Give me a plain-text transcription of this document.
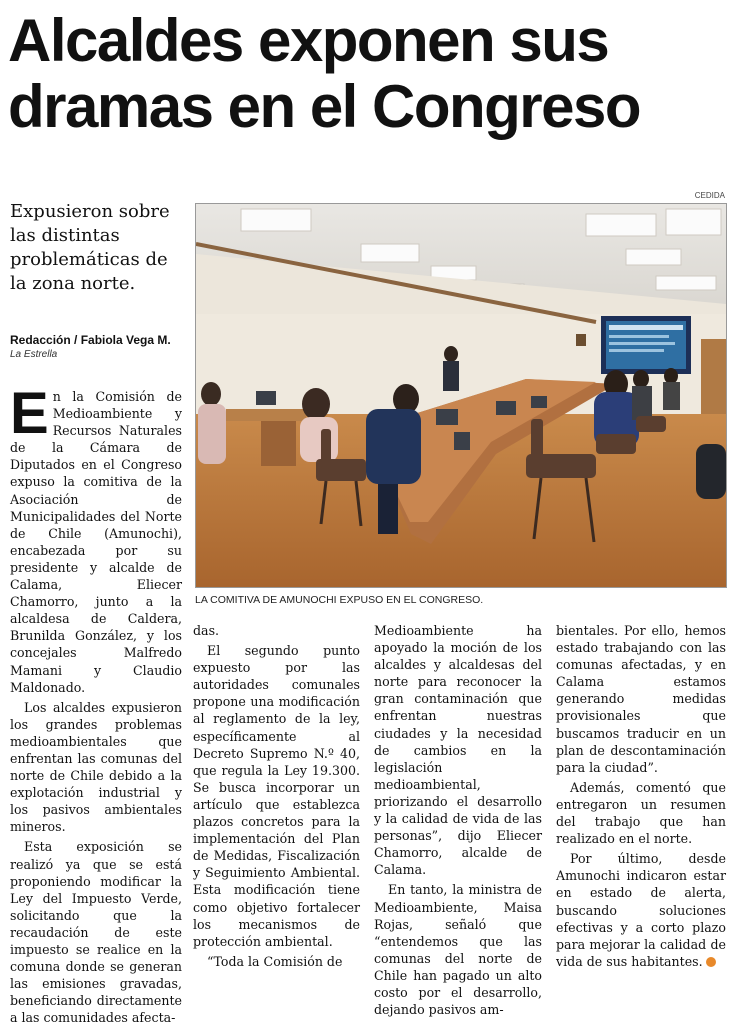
Alcaldes exponen sus dramas en el Congreso
CEDIDA
Expusieron sobre las distintas problemáticas de la zona norte.
Redacción / Fabiola Vega M.
La Estrella
LA COMITIVA DE AMUNOCHI EXPUSO EN EL CONGRESO.

En la Comisión de Medioambiente y Recursos Naturales de la Cámara de Diputados en el Congreso expuso la comitiva de la Asociación de Municipalidades del Norte de Chile (Amunochi), encabezada por su presidente y alcalde de Calama, Eliecer Chamorro, junto a la alcaldesa de Caldera, Brunilda González, y los concejales Malfredo Mamani y Claudio Maldonado.

Los alcaldes expusieron los grandes problemas medioambientales que enfrentan las comunas del norte de Chile debido a la explotación industrial y los pasivos ambientales mineros.

Esta exposición se realizó ya que se está proponiendo modificar la Ley del Impuesto Verde, solicitando que la recaudación de este impuesto se realice en la comuna donde se generan las emisiones gravadas, beneficiando directamente a las comunidades afecta-

das.

El segundo punto expuesto por las autoridades comunales propone una modificación al reglamento de la ley, específicamente al Decreto Supremo N.º 40, que regula la Ley 19.300. Se busca incorporar un artículo que establezca plazos concretos para la implementación del Plan de Medidas, Fiscalización y Seguimiento Ambiental. Esta modificación tiene como objetivo fortalecer los mecanismos de protección ambiental.

“Toda la Comisión de

Medioambiente ha apoyado la moción de los alcaldes y alcaldesas del norte para reconocer la gran contaminación que enfrentan nuestras ciudades y la necesidad de cambios en la legislación medioambiental, priorizando el desarrollo y la calidad de vida de las personas”, dijo Eliecer Chamorro, alcalde de Calama.

En tanto, la ministra de Medioambiente, Maisa Rojas, señaló que “entendemos que las comunas del norte de Chile han pagado un alto costo por el desarrollo, dejando pasivos am-

bientales. Por ello, hemos estado trabajando con las comunas afectadas, y en Calama estamos generando medidas provisionales que buscamos traducir en un plan de descontaminación para la ciudad”.

Además, comentó que entregaron un resumen del trabajo que han realizado en el norte.

Por último, desde Amunochi indicaron estar en estado de alerta, buscando soluciones efectivas y a corto plazo para mejorar la calidad de vida de sus habitantes.
